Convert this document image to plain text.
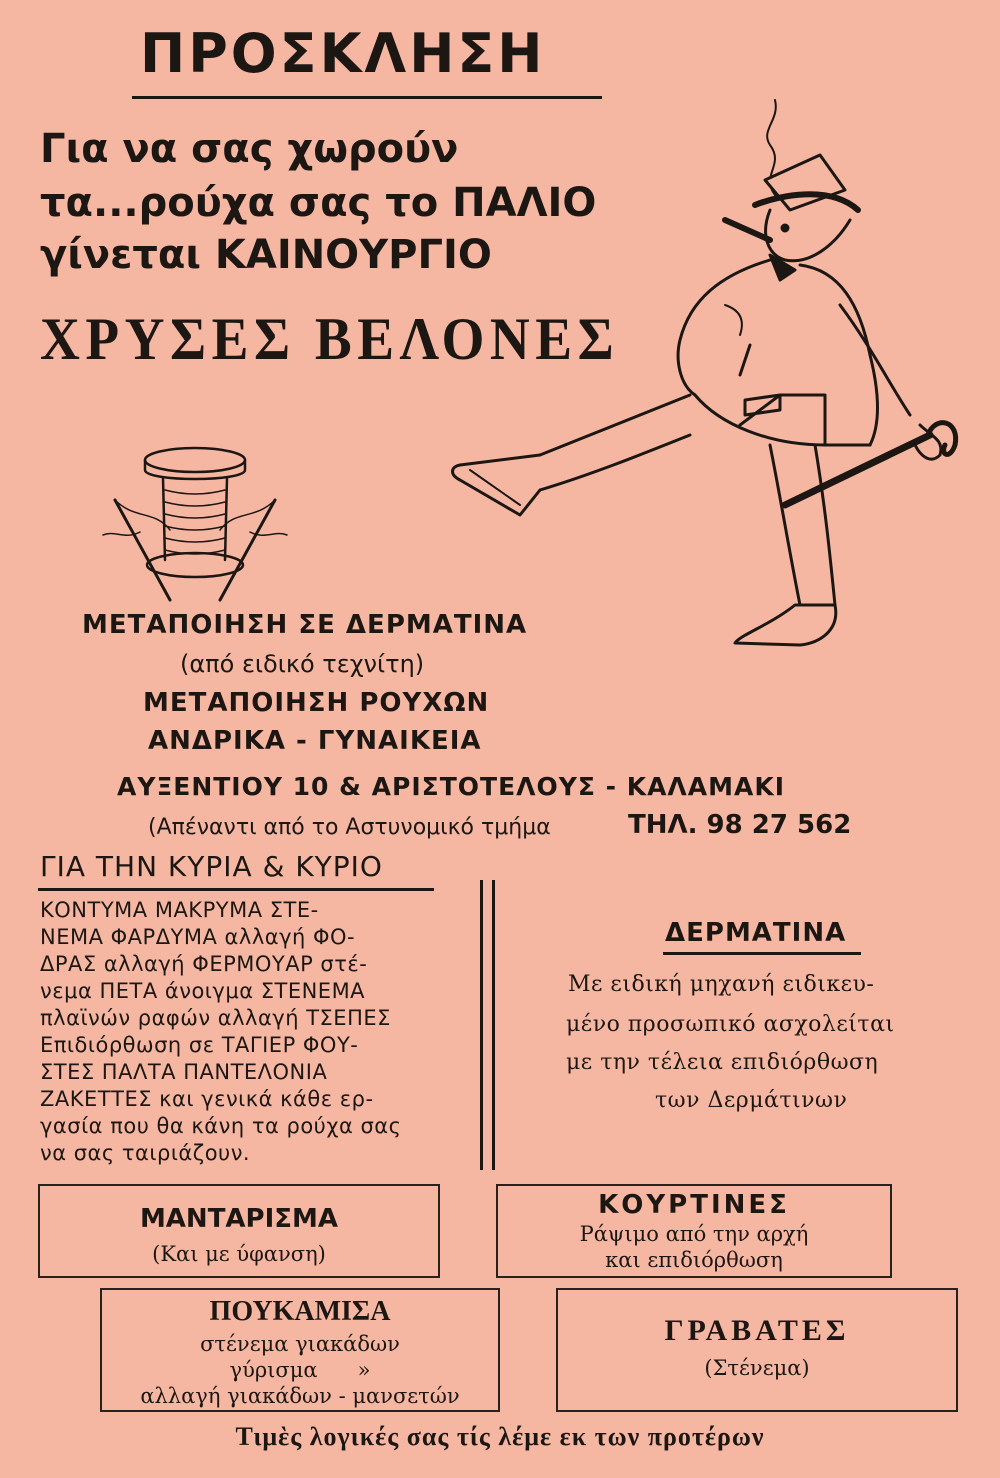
ΠΡΟΣΚΛΗΣΗ
Για να σας χωρούν
τα...ρούχα σας το ΠΑΛΙΟ
γίνεται ΚΑΙΝΟΥΡΓΙΟ
ΧΡΥΣΕΣ ΒΕΛΟΝΕΣ
ΜΕΤΑΠΟΙΗΣΗ ΣΕ ΔΕΡΜΑΤΙΝΑ
(από ειδικό τεχνίτη)
ΜΕΤΑΠΟΙΗΣΗ ΡΟΥΧΩΝ
ΑΝΔΡΙΚΑ - ΓΥΝΑΙΚΕΙΑ
ΑΥΞΕΝΤΙΟΥ 10 & ΑΡΙΣΤΟΤΕΛΟΥΣ - ΚΑΛΑΜΑΚΙ
(Απέναντι από το Αστυνομικό τμήμα	ΤΗΛ. 98 27 562
ΓΙΑ ΤΗΝ ΚΥΡΙΑ & ΚΥΡΙΟ
ΚΟΝΤΥΜΑ ΜΑΚΡΥΜΑ ΣΤΕ-
ΝΕΜΑ ΦΑΡΔΥΜΑ αλλαγή ΦΟ-
ΔΡΑΣ αλλαγή ΦΕΡΜΟΥΑΡ στέ-
νεμα ΠΕΤΑ άνοιγμα ΣΤΕΝΕΜΑ
πλαϊνών ραφών αλλαγή ΤΣΕΠΕΣ
Επιδιόρθωση σε ΤΑΓΙΕΡ ΦΟΥ-
ΣΤΕΣ ΠΑΛΤΑ ΠΑΝΤΕΛΟΝΙΑ
ΖΑΚΕΤΤΕΣ και γενικά κάθε ερ-
γασία που θα κάνη τα ρούχα σας
να σας ταιριάζουν.
ΔΕΡΜΑΤΙΝΑ
Με ειδική μηχανή ειδικευ-
μένο προσωπικό ασχολείται
με την τέλεια επιδιόρθωση
των Δερμάτινων
ΜΑΝΤΑΡΙΣΜΑ
(Και με ύφανση)
ΚΟΥΡΤΙΝΕΣ
Ράψιμο από την αρχή
και επιδιόρθωση
ΠΟΥΚΑΜΙΣΑ
στένεμα γιακάδων
γύρισμα      »
αλλαγή γιακάδων - μανσετών
ΓΡΑΒΑΤΕΣ
(Στένεμα)
Τιμὲς λογικές σας τίς λέμε εκ των προτέρων
